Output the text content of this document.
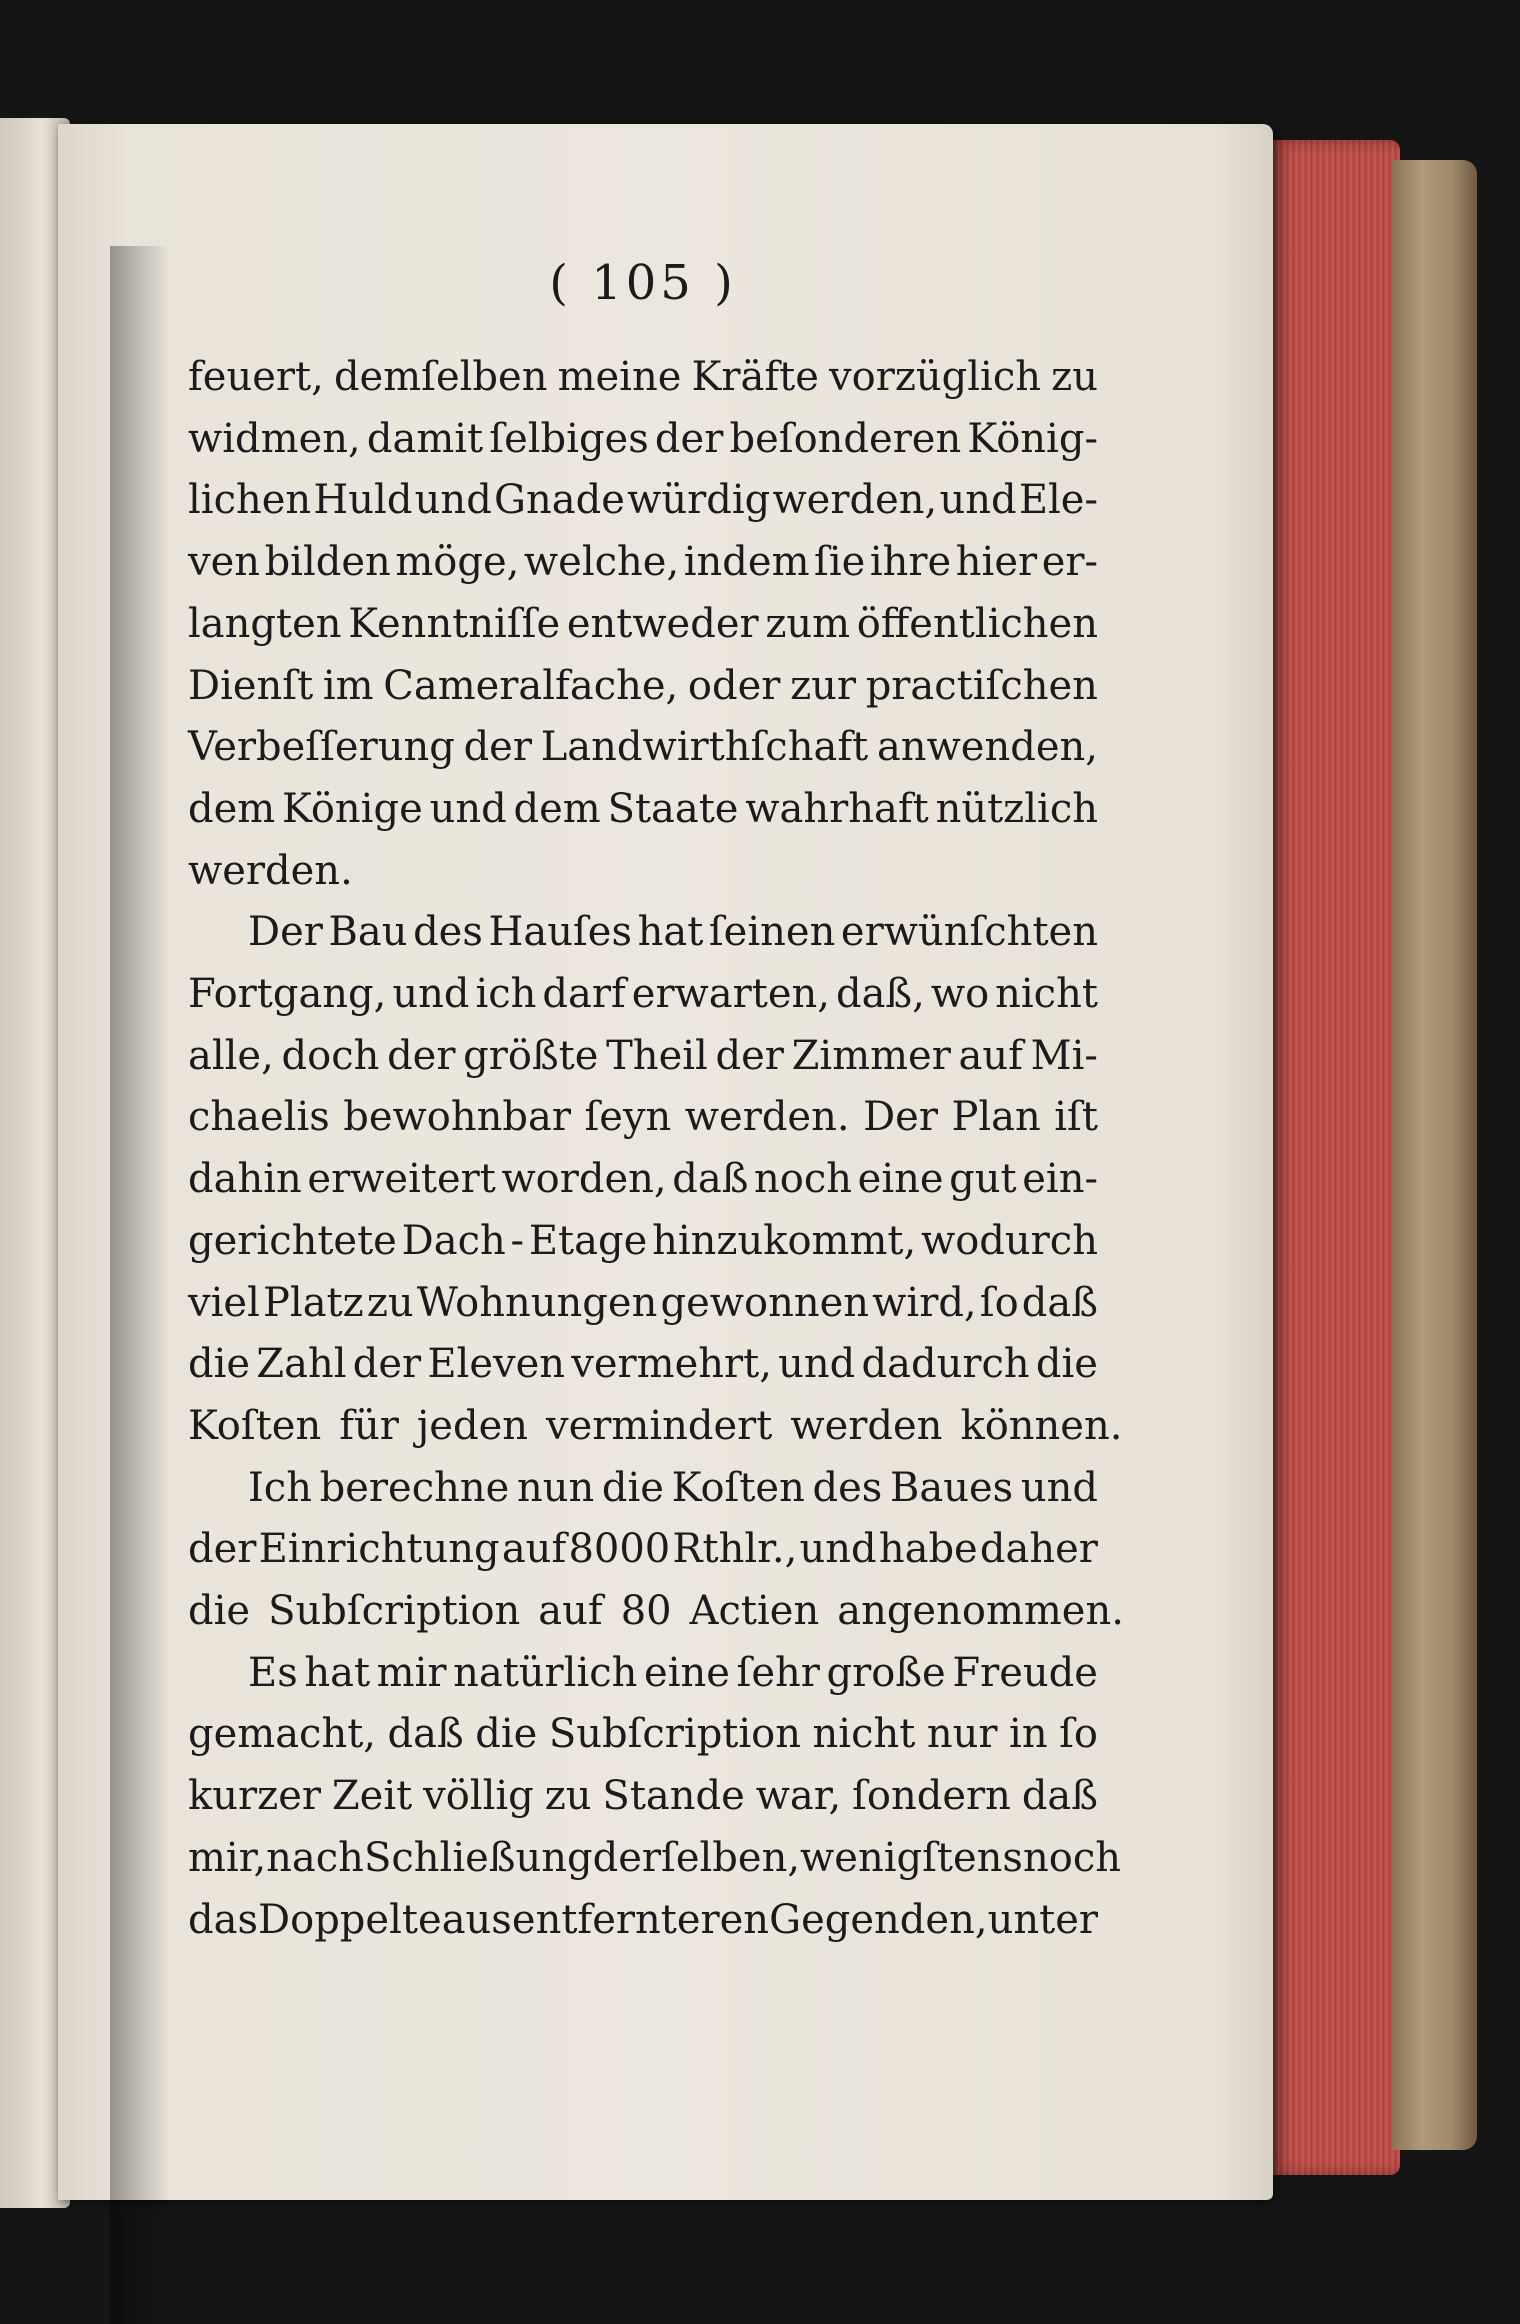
( 105 )
feuert, demſelben meine Kräfte vorzüglich zu
widmen, damit ſelbiges der beſonderen König-
lichen Huld und Gnade würdig werden, und Ele-
ven bilden möge, welche, indem ſie ihre hier er-
langten Kenntniſſe entweder zum öffentlichen
Dienſt im Cameralfache, oder zur practiſchen
Verbeſſerung der Landwirthſchaft anwenden,
dem Könige und dem Staate wahrhaft nützlich
werden.
Der Bau des Hauſes hat ſeinen erwünſchten
Fortgang, und ich darf erwarten, daß, wo nicht
alle, doch der größte Theil der Zimmer auf Mi-
chaelis bewohnbar ſeyn werden. Der Plan iſt
dahin erweitert worden, daß noch eine gut ein-
gerichtete Dach - Etage hinzukommt, wodurch
viel Platz zu Wohnungen gewonnen wird, ſo daß
die Zahl der Eleven vermehrt, und dadurch die
Koſten für jeden vermindert werden können.
Ich berechne nun die Koſten des Baues und
der Einrichtung auf 8000 Rthlr., und habe daher
die Subſcription auf 80 Actien angenommen.
Es hat mir natürlich eine ſehr große Freude
gemacht, daß die Subſcription nicht nur in ſo
kurzer Zeit völlig zu Stande war, ſondern daß
mir, nach Schließung derſelben, wenigſtens noch
das Doppelte aus entfernteren Gegenden, unter
